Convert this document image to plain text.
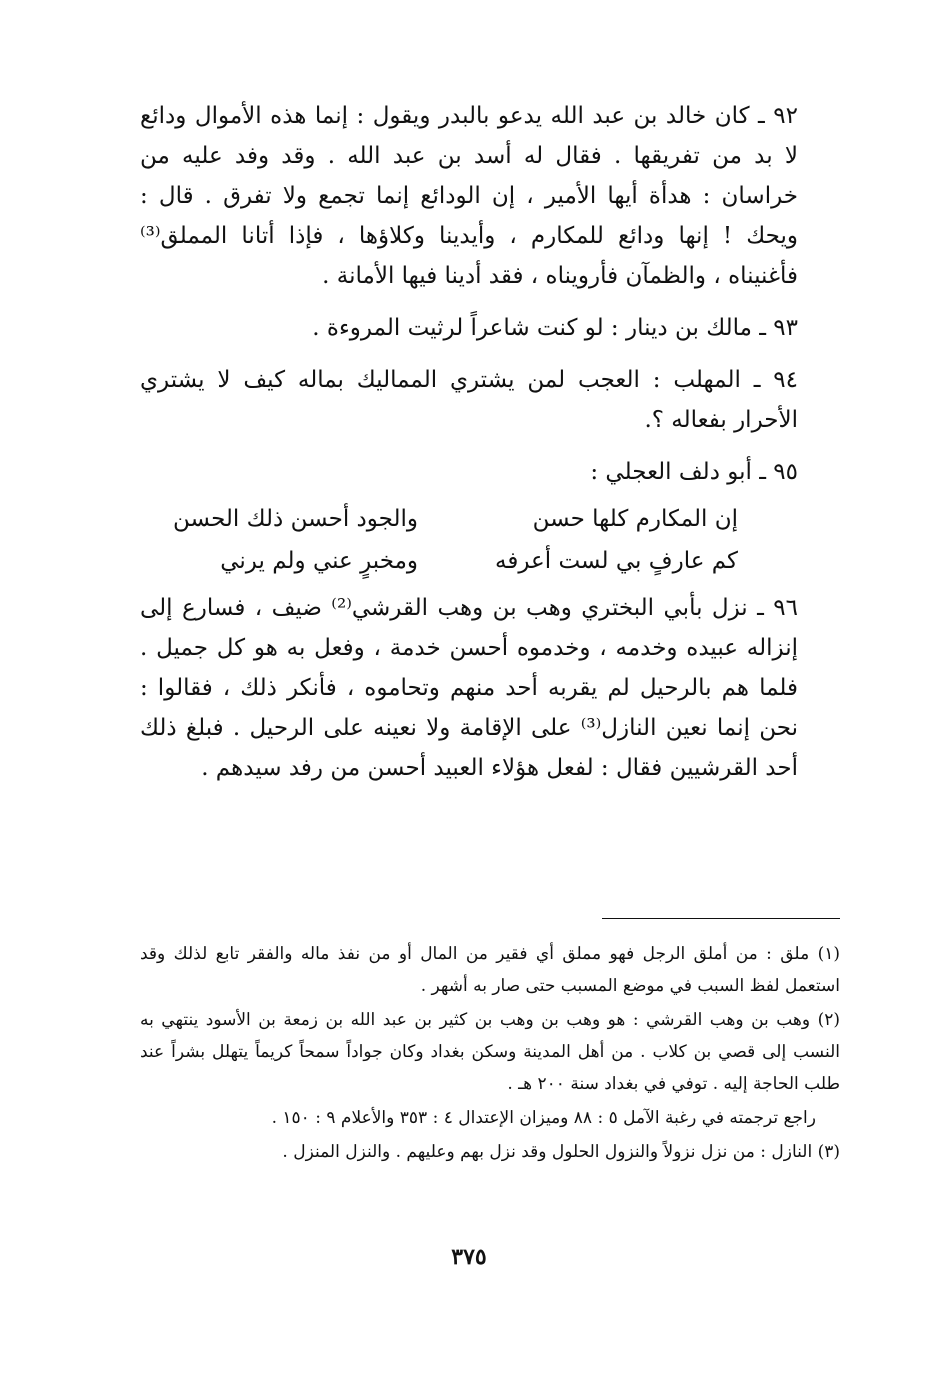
٩٢ ـ كان خالد بن عبد الله يدعو بالبدر ويقول : إنما هذه الأموال ودائع لا بد من تفريقها . فقال له أسد بن عبد الله . وقد وفد عليه من خراسان : هدأة أيها الأمير ، إن الودائع إنما تجمع ولا تفرق . قال : ويحك ! إنها ودائع للمكارم ، وأيدينا وكلاؤها ، فإذا أتانا المملق⁽³⁾ فأغنيناه ، والظمآن فأرويناه ، فقد أدينا فيها الأمانة .

٩٣ ـ مالك بن دينار : لو كنت شاعراً لرثيت المروءة .

٩٤ ـ المهلب : العجب لمن يشتري المماليك بماله كيف لا يشتري الأحرار بفعاله ؟.

٩٥ ـ أبو دلف العجلي :

إن المكارم كلها حسن
والجود أحسن ذلك الحسن
كم عارفٍ بي لست أعرفه
ومخبرٍ عني ولم يرني

٩٦ ـ نزل بأبي البختري وهب بن وهب القرشي⁽²⁾ ضيف ، فسارع إلى إنزاله عبيده وخدمه ، وخدموه أحسن خدمة ، وفعل به هو كل جميل . فلما هم بالرحيل لم يقربه أحد منهم وتحاموه ، فأنكر ذلك ، فقالوا : نحن إنما نعين النازل⁽³⁾ على الإقامة ولا نعينه على الرحيل . فبلغ ذلك أحد القرشيين فقال : لفعل هؤلاء العبيد أحسن من رفد سيدهم .

(١) ملق : من أملق الرجل فهو مملق أي فقير من المال أو من نفذ ماله والفقر تابع لذلك وقد استعمل لفظ السبب في موضع المسبب حتى صار به أشهر .

(٢) وهب بن وهب القرشي : هو وهب بن وهب بن كثير بن عبد الله بن زمعة بن الأسود ينتهي به النسب إلى قصي بن كلاب . من أهل المدينة وسكن بغداد وكان جواداً سمحاً كريماً يتهلل بشراً عند طلب الحاجة إليه . توفي في بغداد سنة ٢٠٠ هـ .

راجع ترجمته في رغبة الآمل ٥ : ٨٨ وميزان الإعتدال ٤ : ٣٥٣ والأعلام ٩ : ١٥٠ .

(٣) النازل : من نزل نزولاً والنزول الحلول وقد نزل بهم وعليهم . والنزل المنزل .

٣٧٥
